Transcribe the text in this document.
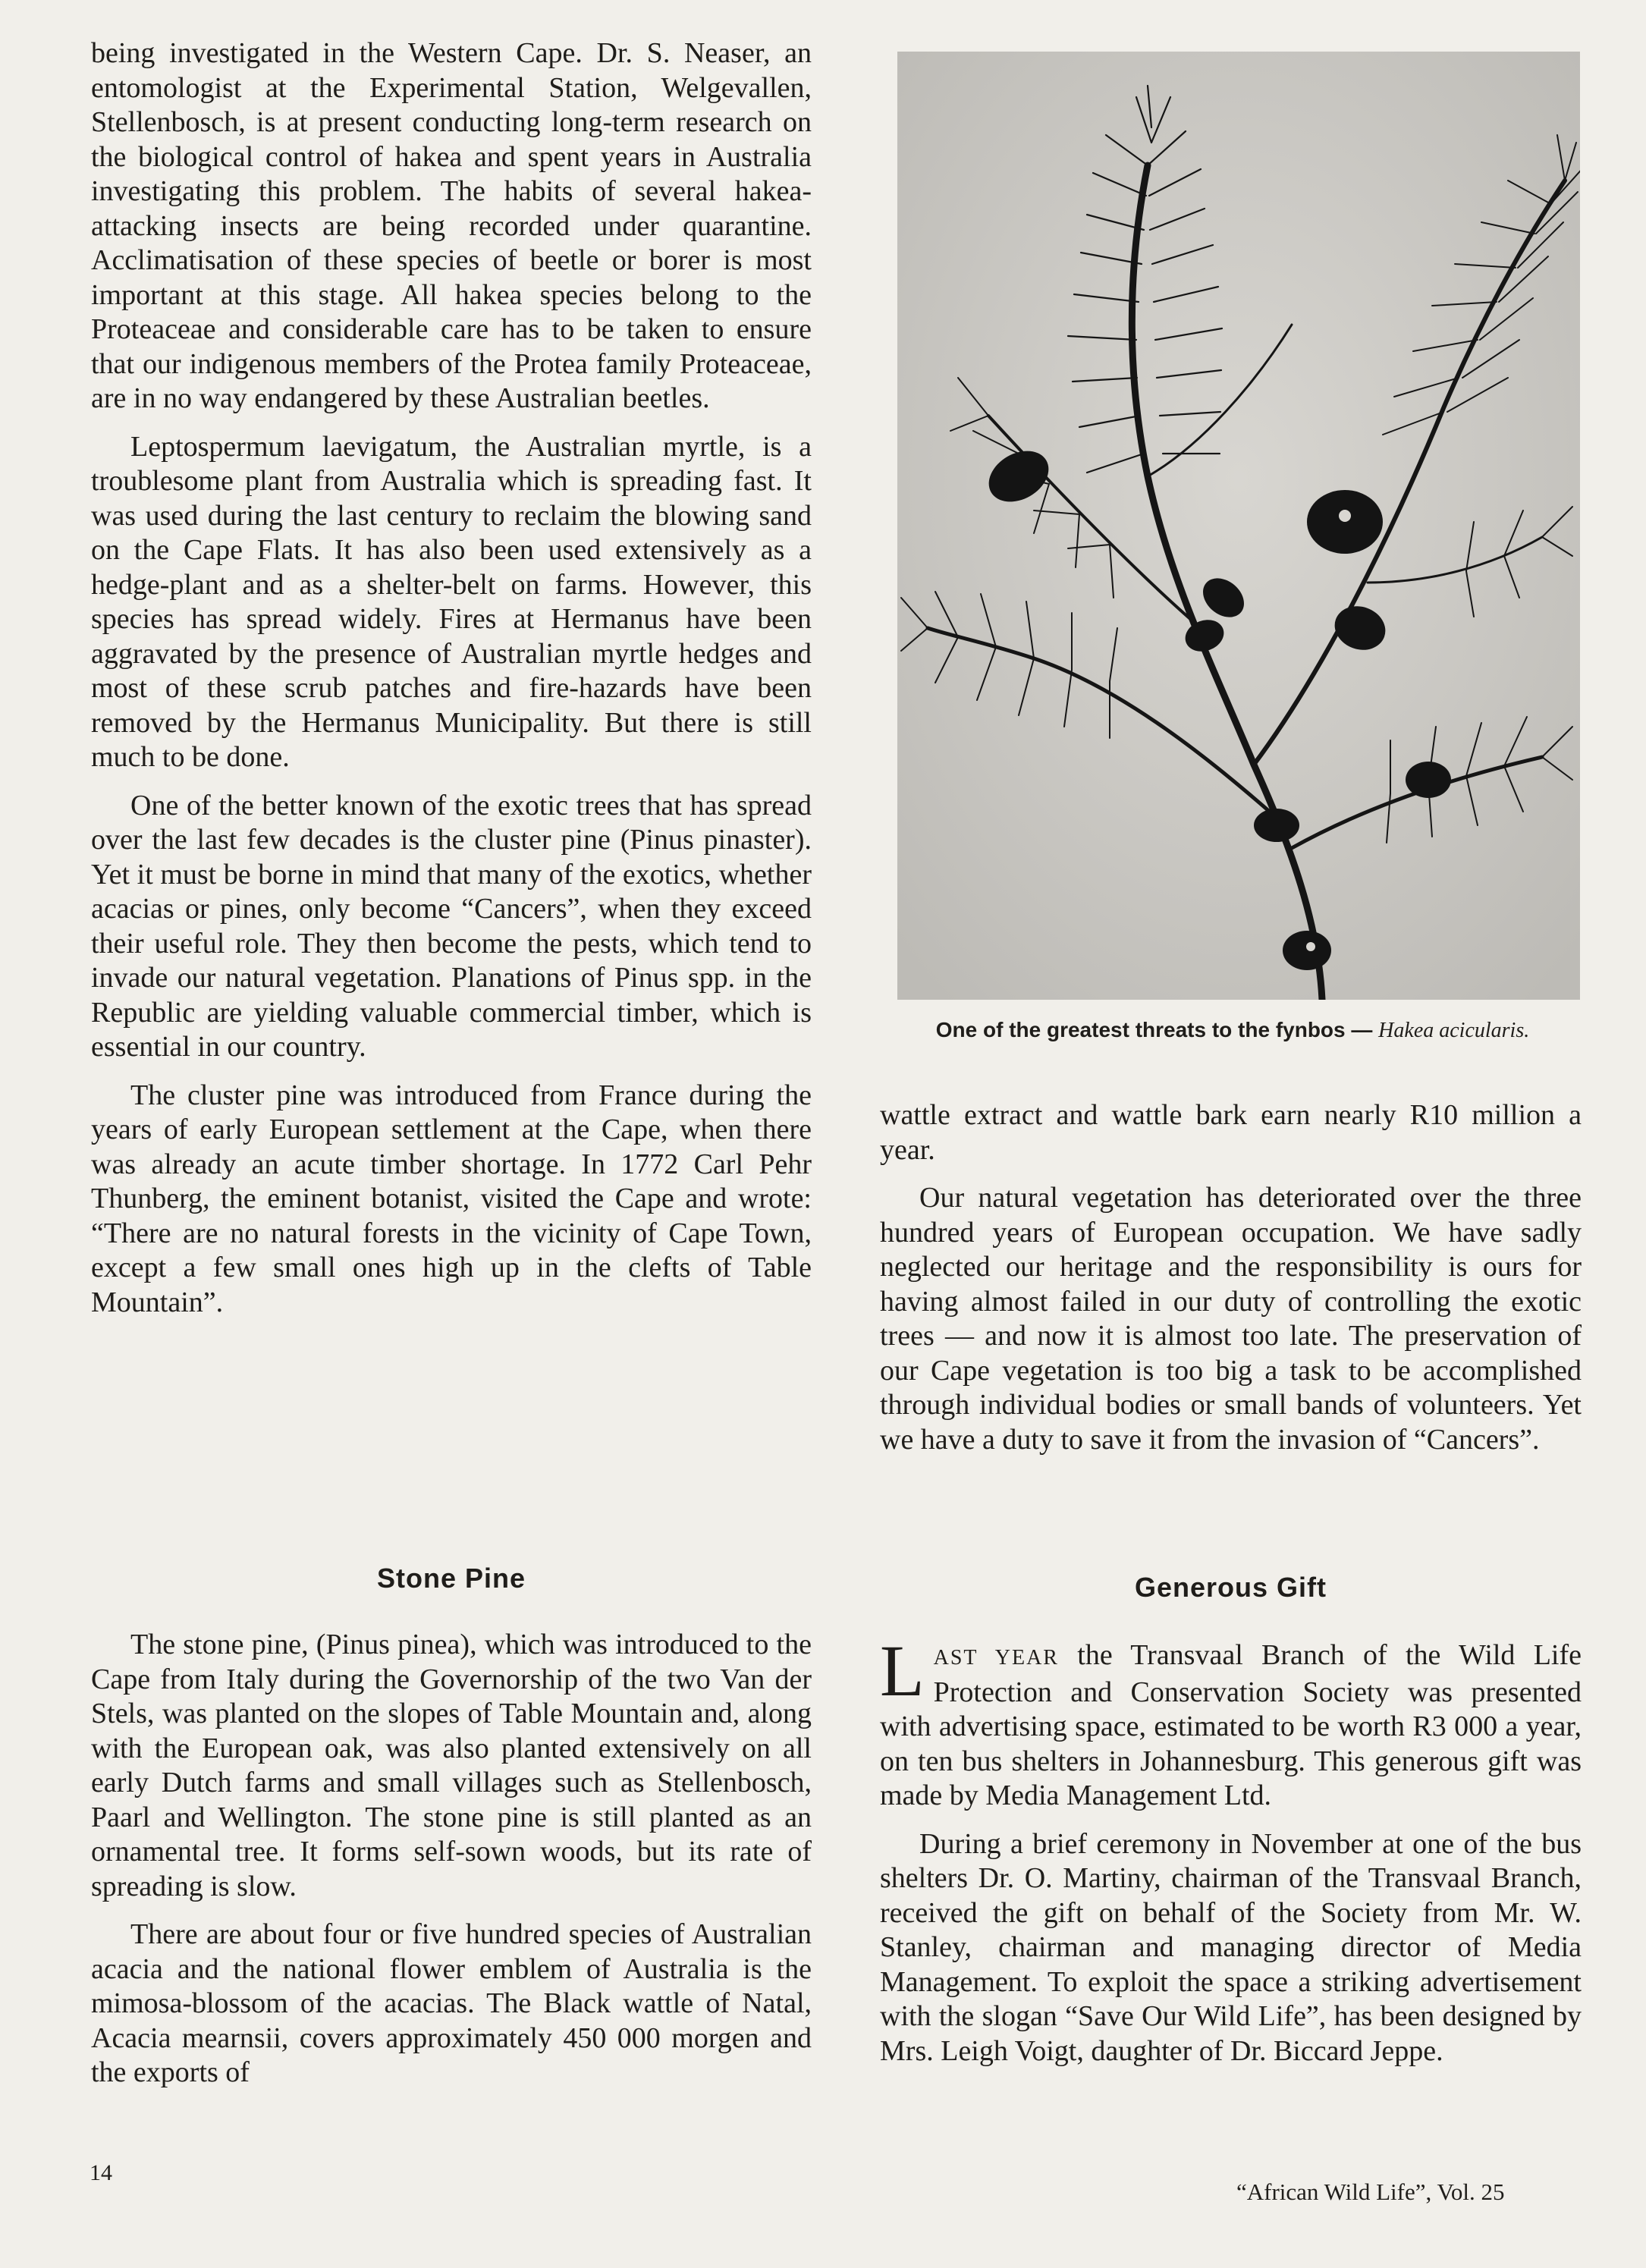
being investigated in the Western Cape. Dr. S. Neaser, an entomologist at the Experimental Station, Welgevallen, Stellenbosch, is at present conducting long-term research on the biological control of hakea and spent years in Australia investigating this problem. The habits of several hakea-attacking insects are being recorded under quarantine. Acclimatisation of these species of beetle or borer is most important at this stage. All hakea species belong to the Proteaceae and considerable care has to be taken to ensure that our indigenous members of the Protea family Proteaceae, are in no way endangered by these Australian beetles.

Leptospermum laevigatum, the Australian myrtle, is a troublesome plant from Australia which is spreading fast. It was used during the last century to reclaim the blowing sand on the Cape Flats. It has also been used extensively as a hedge-plant and as a shelter-belt on farms. However, this species has spread widely. Fires at Hermanus have been aggravated by the presence of Australian myrtle hedges and most of these scrub patches and fire-hazards have been removed by the Hermanus Municipality. But there is still much to be done.

One of the better known of the exotic trees that has spread over the last few decades is the cluster pine (Pinus pinaster). Yet it must be borne in mind that many of the exotics, whether acacias or pines, only become “Cancers”, when they exceed their useful role. They then become the pests, which tend to invade our natural vegetation. Planations of Pinus spp. in the Republic are yielding valuable commercial timber, which is essential in our country.

The cluster pine was introduced from France during the years of early European settlement at the Cape, when there was already an acute timber shortage. In 1772 Carl Pehr Thunberg, the eminent botanist, visited the Cape and wrote: “There are no natural forests in the vicinity of Cape Town, except a few small ones high up in the clefts of Table Mountain”.

Stone Pine

The stone pine, (Pinus pinea), which was introduced to the Cape from Italy during the Governorship of the two Van der Stels, was planted on the slopes of Table Mountain and, along with the European oak, was also planted extensively on all early Dutch farms and small villages such as Stellenbosch, Paarl and Wellington. The stone pine is still planted as an ornamental tree. It forms self-sown woods, but its rate of spreading is slow.

There are about four or five hundred species of Australian acacia and the national flower emblem of Australia is the mimosa-blossom of the acacias. The Black wattle of Natal, Acacia mearnsii, covers approximately 450 000 morgen and the exports of

One of the greatest threats to the fynbos — Hakea acicularis.

wattle extract and wattle bark earn nearly R10 million a year.

Our natural vegetation has deteriorated over the three hundred years of European occupation. We have sadly neglected our heritage and the responsibility is ours for having almost failed in our duty of controlling the exotic trees — and now it is almost too late. The preservation of our Cape vegetation is too big a task to be accomplished through individual bodies or small bands of volunteers. Yet we have a duty to save it from the invasion of “Cancers”.

Generous Gift

LAST YEAR the Transvaal Branch of the Wild Life Protection and Conservation Society was presented with advertising space, estimated to be worth R3 000 a year, on ten bus shelters in Johannesburg. This generous gift was made by Media Management Ltd.

During a brief ceremony in November at one of the bus shelters Dr. O. Martiny, chairman of the Transvaal Branch, received the gift on behalf of the Society from Mr. W. Stanley, chairman and managing director of Media Management. To exploit the space a striking advertisement with the slogan “Save Our Wild Life”, has been designed by Mrs. Leigh Voigt, daughter of Dr. Biccard Jeppe.

14
“African Wild Life”, Vol. 25
